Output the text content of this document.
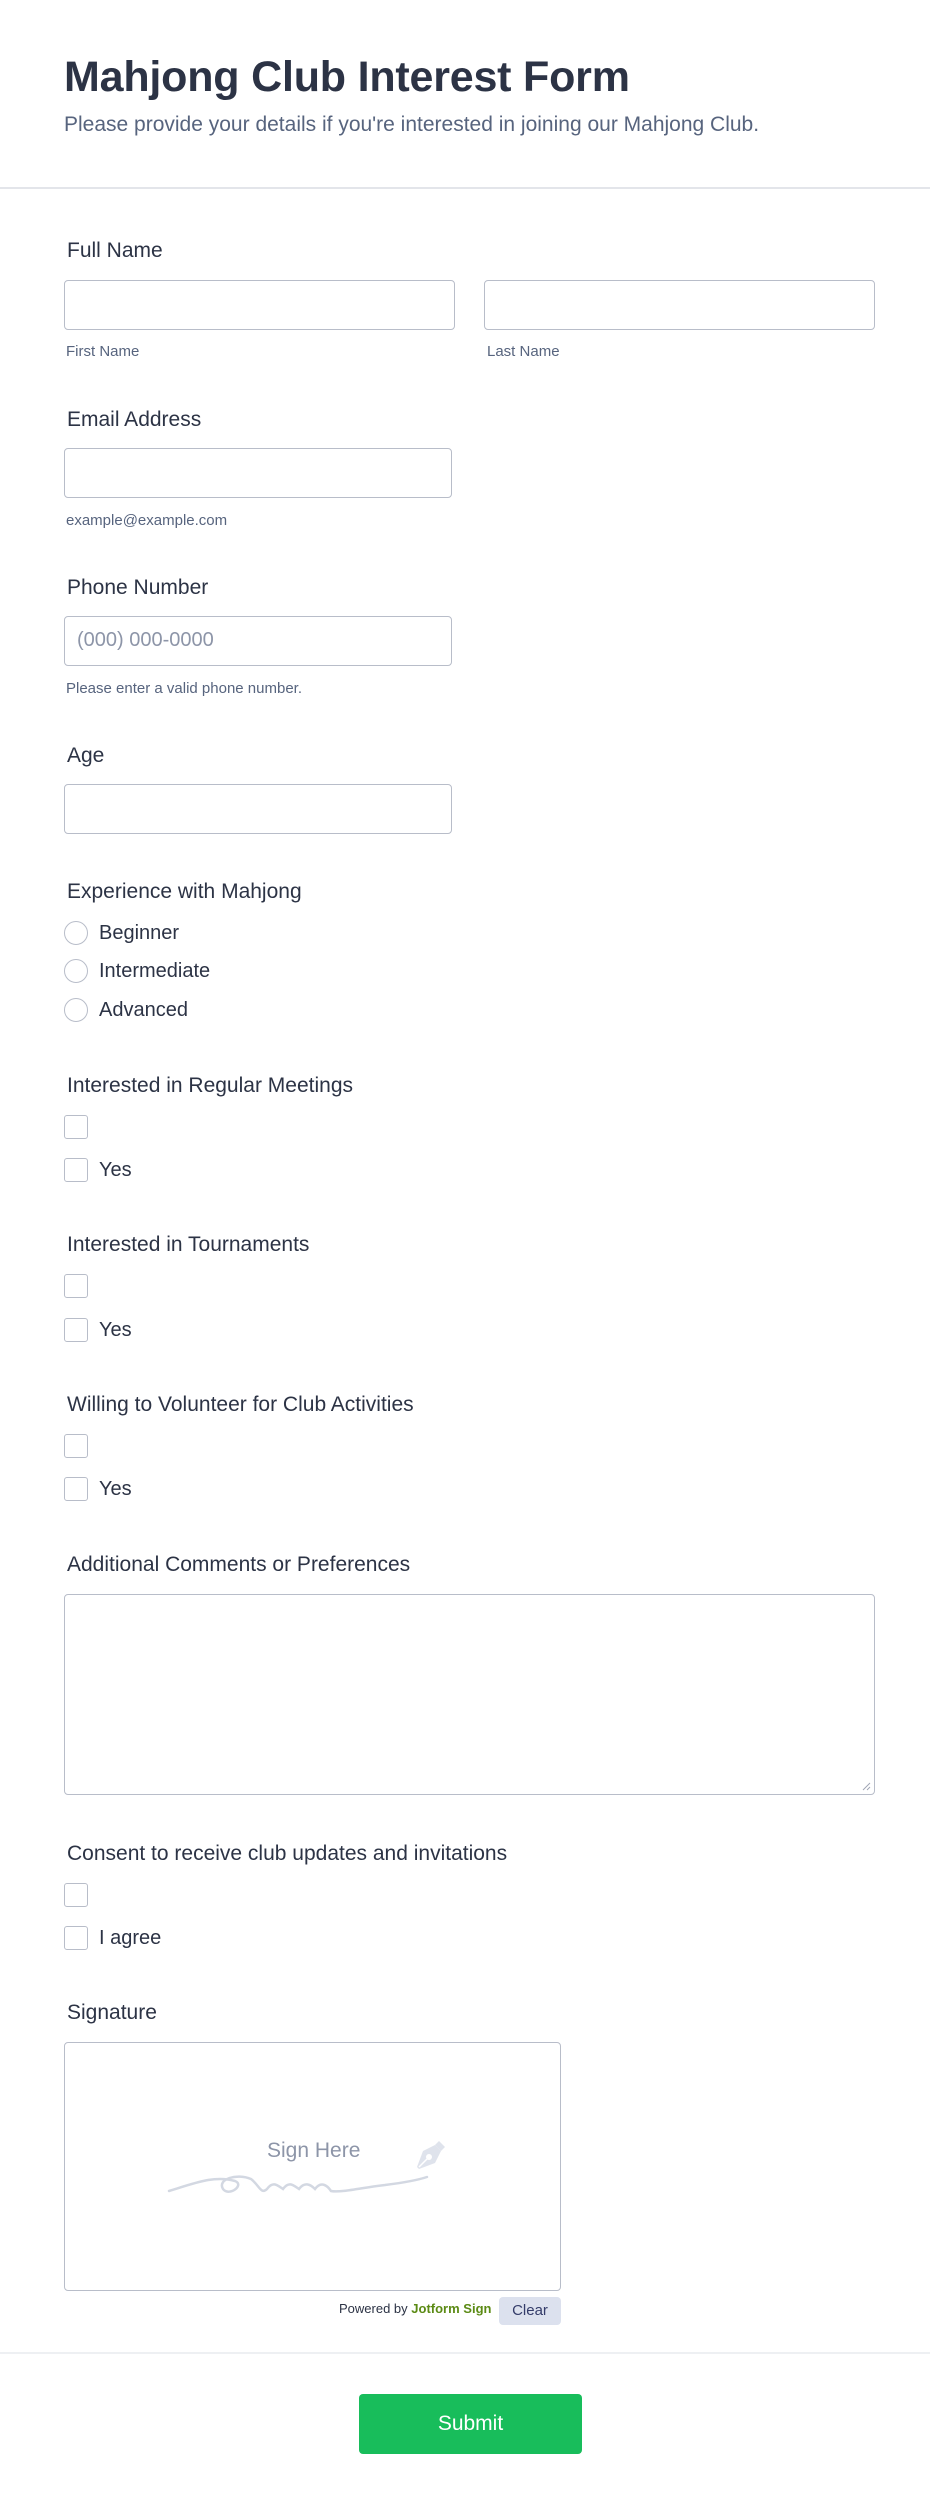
Mahjong Club Interest Form
Please provide your details if you're interested in joining our Mahjong Club.
Full Name
First Name	Last Name
Email Address
example@example.com
Phone Number
(000) 000-0000
Please enter a valid phone number.
Age
Experience with Mahjong
Beginner
Intermediate
Advanced
Interested in Regular Meetings
Yes
Interested in Tournaments
Yes
Willing to Volunteer for Club Activities
Yes
Additional Comments or Preferences
Consent to receive club updates and invitations
I agree
Signature
Sign Here
Powered by Jotform Sign	Clear
Submit
